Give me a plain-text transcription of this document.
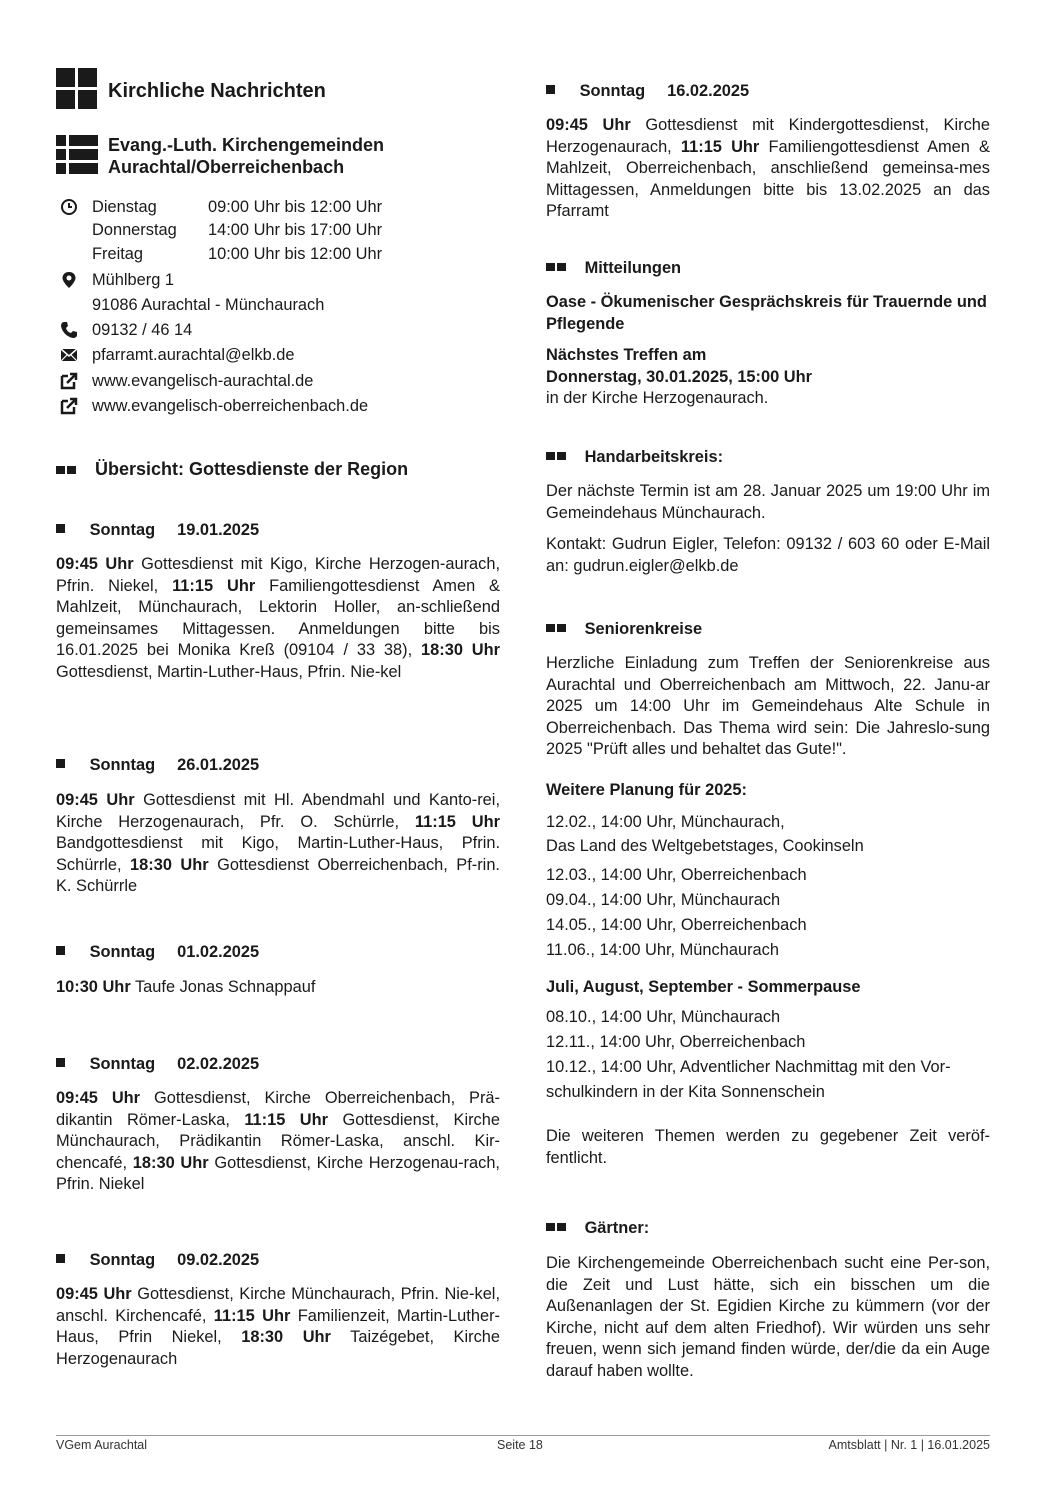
Kirchliche Nachrichten
Evang.-Luth. Kirchengemeinden
Aurachtal/Oberreichenbach
Dienstag	09:00 Uhr bis 12:00 Uhr
Donnerstag 14:00 Uhr bis 17:00 Uhr
Freitag	10:00 Uhr bis 12:00 Uhr
Mühlberg 1
91086 Aurachtal - Münchaurach
09132 / 46 14
pfarramt.aurachtal@elkb.de
www.evangelisch-aurachtal.de
www.evangelisch-oberreichenbach.de
Übersicht: Gottesdienste der Region
Sonntag 19.01.2025
09:45 Uhr Gottesdienst mit Kigo, Kirche Herzogen-aurach, Pfrin. Niekel, 11:15 Uhr Familiengottesdienst Amen & Mahlzeit, Münchaurach, Lektorin Holler, an-schließend gemeinsames Mittagessen. Anmeldungen bitte bis 16.01.2025 bei Monika Kreß (09104 / 33 38), 18:30 Uhr Gottesdienst, Martin-Luther-Haus, Pfrin. Nie-kel
Sonntag 26.01.2025
09:45 Uhr Gottesdienst mit Hl. Abendmahl und Kanto-rei, Kirche Herzogenaurach, Pfr. O. Schürrle, 11:15 Uhr Bandgottesdienst mit Kigo, Martin-Luther-Haus, Pfrin. Schürrle, 18:30 Uhr Gottesdienst Oberreichenbach, Pf-rin. K. Schürrle
Sonntag 01.02.2025
10:30 Uhr Taufe Jonas Schnappauf
Sonntag 02.02.2025
09:45 Uhr Gottesdienst, Kirche Oberreichenbach, Prä-dikantin Römer-Laska, 11:15 Uhr Gottesdienst, Kirche Münchaurach, Prädikantin Römer-Laska, anschl. Kir-chencafé, 18:30 Uhr Gottesdienst, Kirche Herzogenau-rach, Pfrin. Niekel
Sonntag 09.02.2025
09:45 Uhr Gottesdienst, Kirche Münchaurach, Pfrin. Nie-kel, anschl. Kirchencafé, 11:15 Uhr Familienzeit, Martin-Luther-Haus, Pfrin Niekel, 18:30 Uhr Taizégebet, Kirche Herzogenaurach
Sonntag 16.02.2025
09:45 Uhr Gottesdienst mit Kindergottesdienst, Kirche Herzogenaurach, 11:15 Uhr Familiengottesdienst Amen & Mahlzeit, Oberreichenbach, anschließend gemeinsa-mes Mittagessen, Anmeldungen bitte bis 13.02.2025 an das Pfarramt
Mitteilungen
Oase - Ökumenischer Gesprächskreis für Trauernde und Pflegende
Nächstes Treffen am
Donnerstag, 30.01.2025, 15:00 Uhr
in der Kirche Herzogenaurach.
Handarbeitskreis:
Der nächste Termin ist am 28. Januar 2025 um 19:00 Uhr im Gemeindehaus Münchaurach.
Kontakt: Gudrun Eigler, Telefon: 09132 / 603 60 oder E-Mail an: gudrun.eigler@elkb.de
Seniorenkreise
Herzliche Einladung zum Treffen der Seniorenkreise aus Aurachtal und Oberreichenbach am Mittwoch, 22. Janu-ar 2025 um 14:00 Uhr im Gemeindehaus Alte Schule in Oberreichenbach. Das Thema wird sein: Die Jahreslo-sung 2025 "Prüft alles und behaltet das Gute!".
Weitere Planung für 2025:
12.02., 14:00 Uhr, Münchaurach,
Das Land des Weltgebetstages, Cookinseln
12.03., 14:00 Uhr, Oberreichenbach
09.04., 14:00 Uhr, Münchaurach
14.05., 14:00 Uhr, Oberreichenbach
11.06., 14:00 Uhr, Münchaurach
Juli, August, September - Sommerpause
08.10., 14:00 Uhr, Münchaurach
12.11., 14:00 Uhr, Oberreichenbach
10.12., 14:00 Uhr, Adventlicher Nachmittag mit den Vor-
schulkindern in der Kita Sonnenschein
Die weiteren Themen werden zu gegebener Zeit veröf-fentlicht.
Gärtner:
Die Kirchengemeinde Oberreichenbach sucht eine Per-son, die Zeit und Lust hätte, sich ein bisschen um die Außenanlagen der St. Egidien Kirche zu kümmern (vor der Kirche, nicht auf dem alten Friedhof). Wir würden uns sehr freuen, wenn sich jemand finden würde, der/die da ein Auge darauf haben wollte.
VGem Aurachtal	Seite 18	Amtsblatt | Nr. 1 | 16.01.2025
